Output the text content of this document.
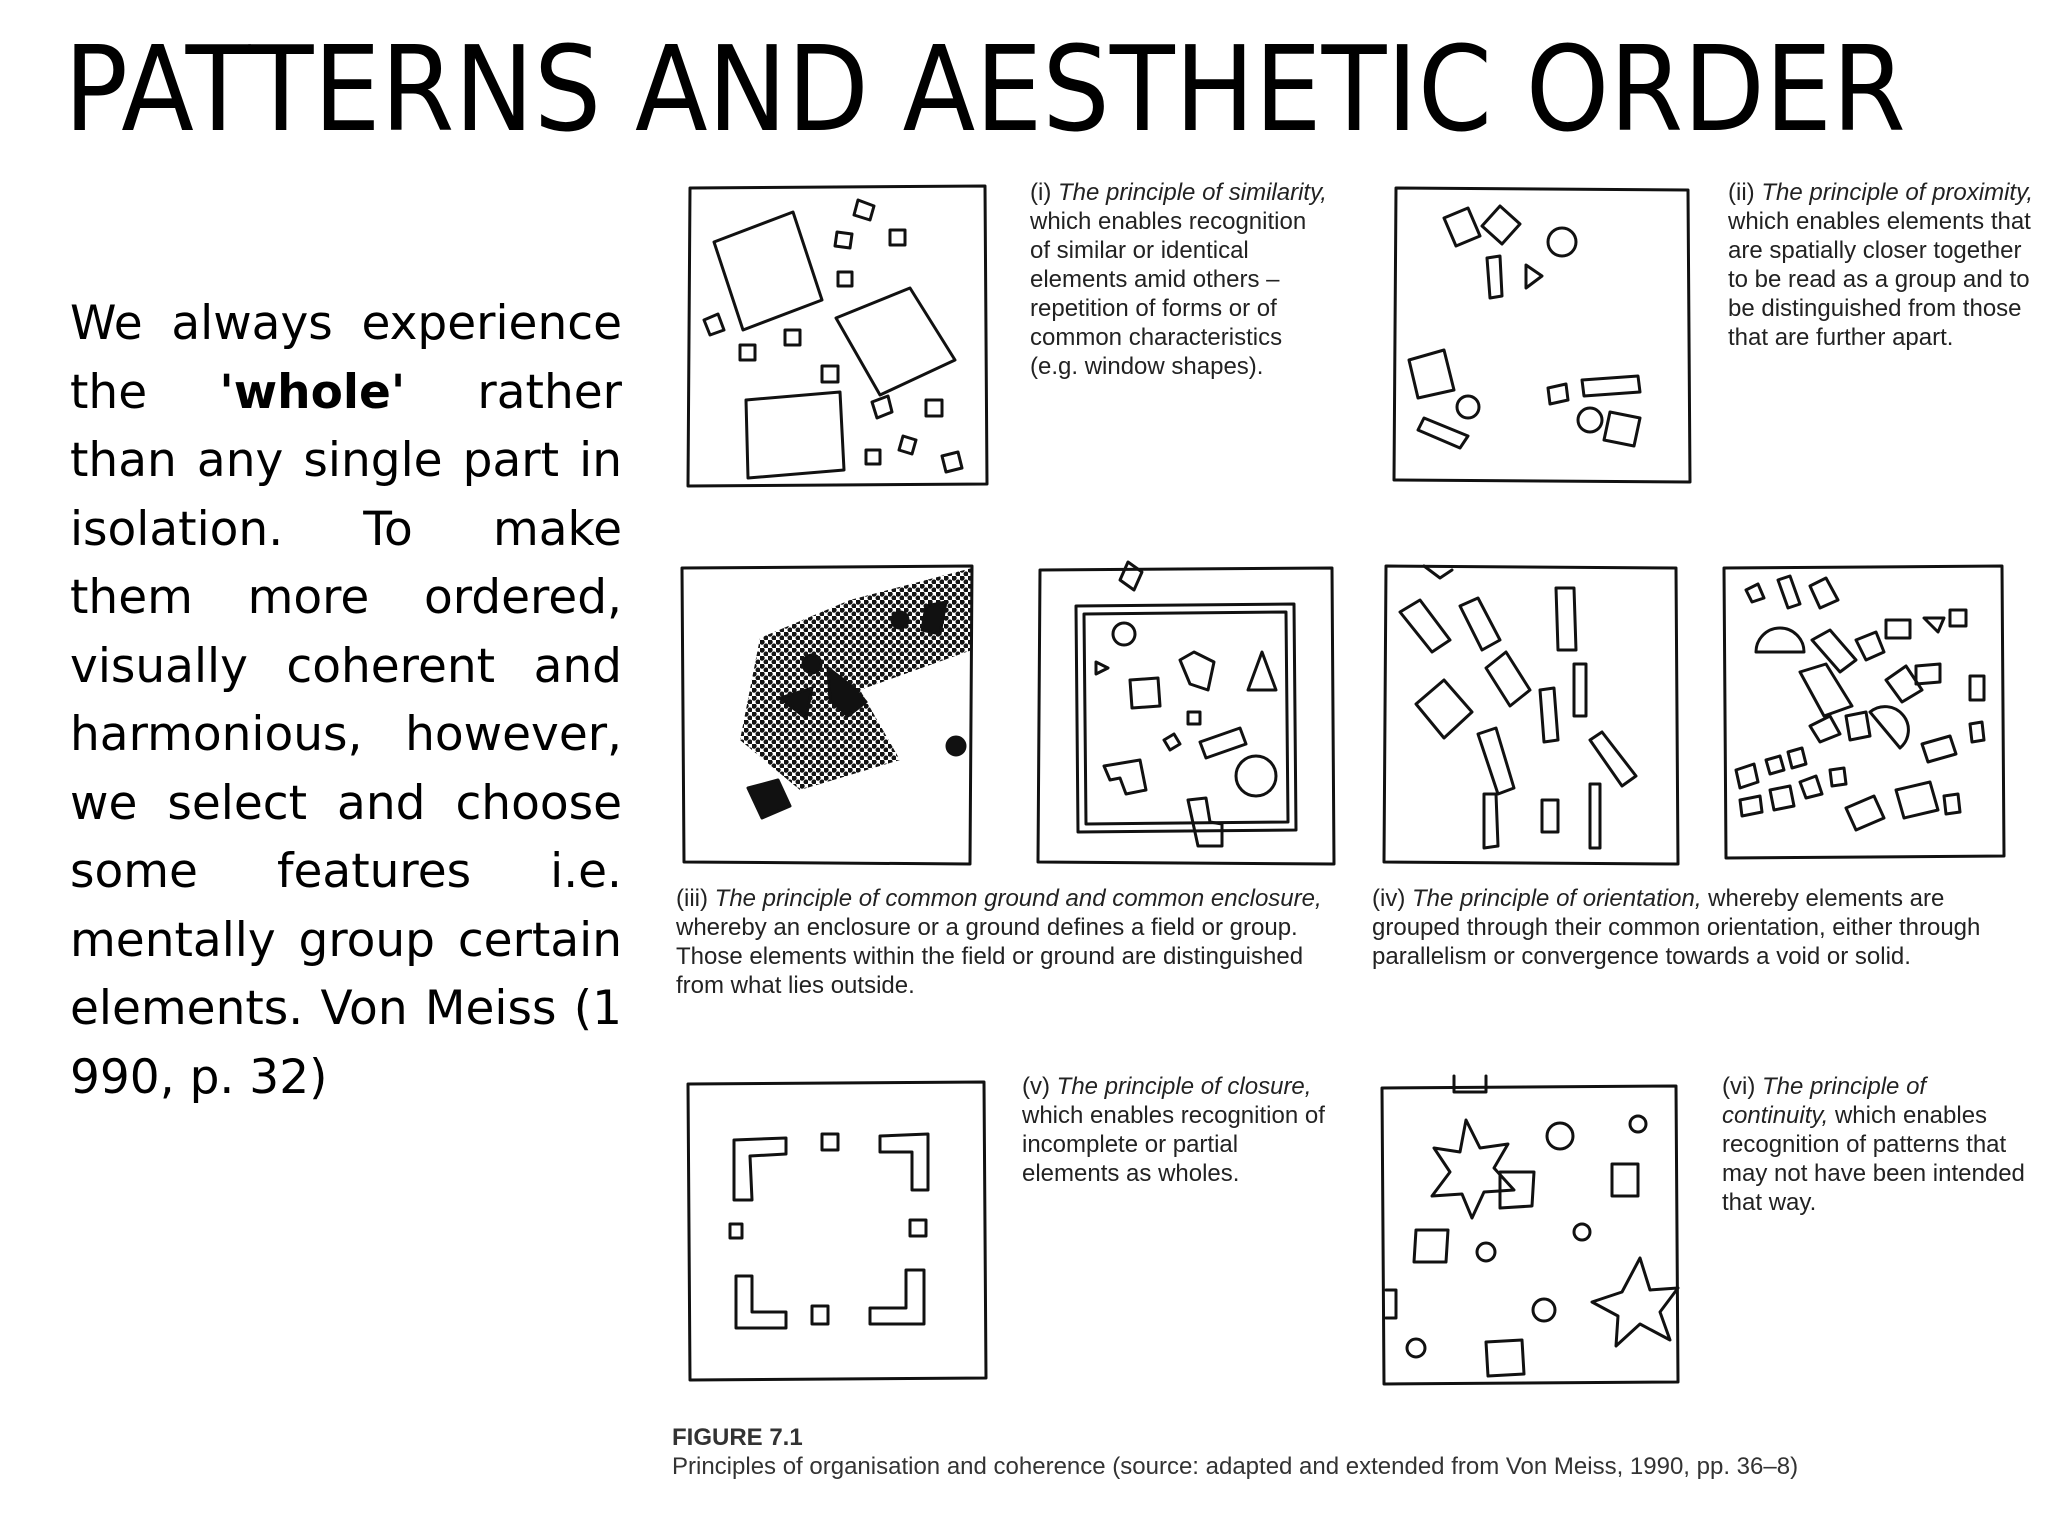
PATTERNS AND AESTHETIC ORDER
We always experience the 'whole' rather than any single part in isolation. To make them more ordered, visually coherent and harmonious, however, we select and choose some features i.e. mentally group certain elements. Von Meiss (1 990, p. 32)
(i) The principle of similarity, which enables recognition of similar or identical elements amid others – repetition of forms or of common characteristics (e.g. window shapes).
(ii) The principle of proximity, which enables elements that are spatially closer together to be read as a group and to be distinguished from those that are further apart.
(iii) The principle of common ground and common enclosure, whereby an enclosure or a ground defines a field or group. Those elements within the field or ground are distinguished from what lies outside.
(iv) The principle of orientation, whereby elements are grouped through their common orientation, either through parallelism or convergence towards a void or solid.
(v) The principle of closure, which enables recognition of incomplete or partial elements as wholes.
(vi) The principle of continuity, which enables recognition of patterns that may not have been intended that way.
FIGURE 7.1
Principles of organisation and coherence (source: adapted and extended from Von Meiss, 1990, pp. 36–8)
